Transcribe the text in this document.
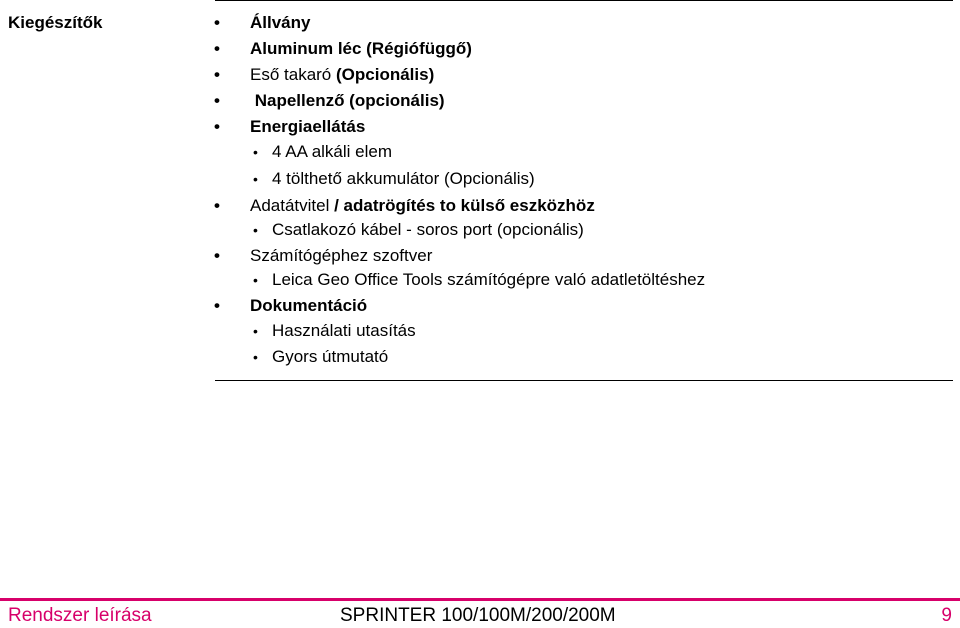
Kiegészítők	• Állvány
• Aluminum léc (Régiófüggő)
• Eső takaró (Opcionális)
• Napellenző (opcionális)
• Energiaellátás
• 4 AA alkáli elem
• 4 tölthető akkumulátor (Opcionális)
• Adatátvitel / adatrögítés to külső eszközhöz
• Csatlakozó kábel - soros port (opcionális)
• Számítógéphez szoftver
• Leica Geo Office Tools számítógépre való adatletöltéshez
• Dokumentáció
• Használati utasítás
• Gyors útmutató
Rendszer leírása	SPRINTER 100/100M/200/200M	9
